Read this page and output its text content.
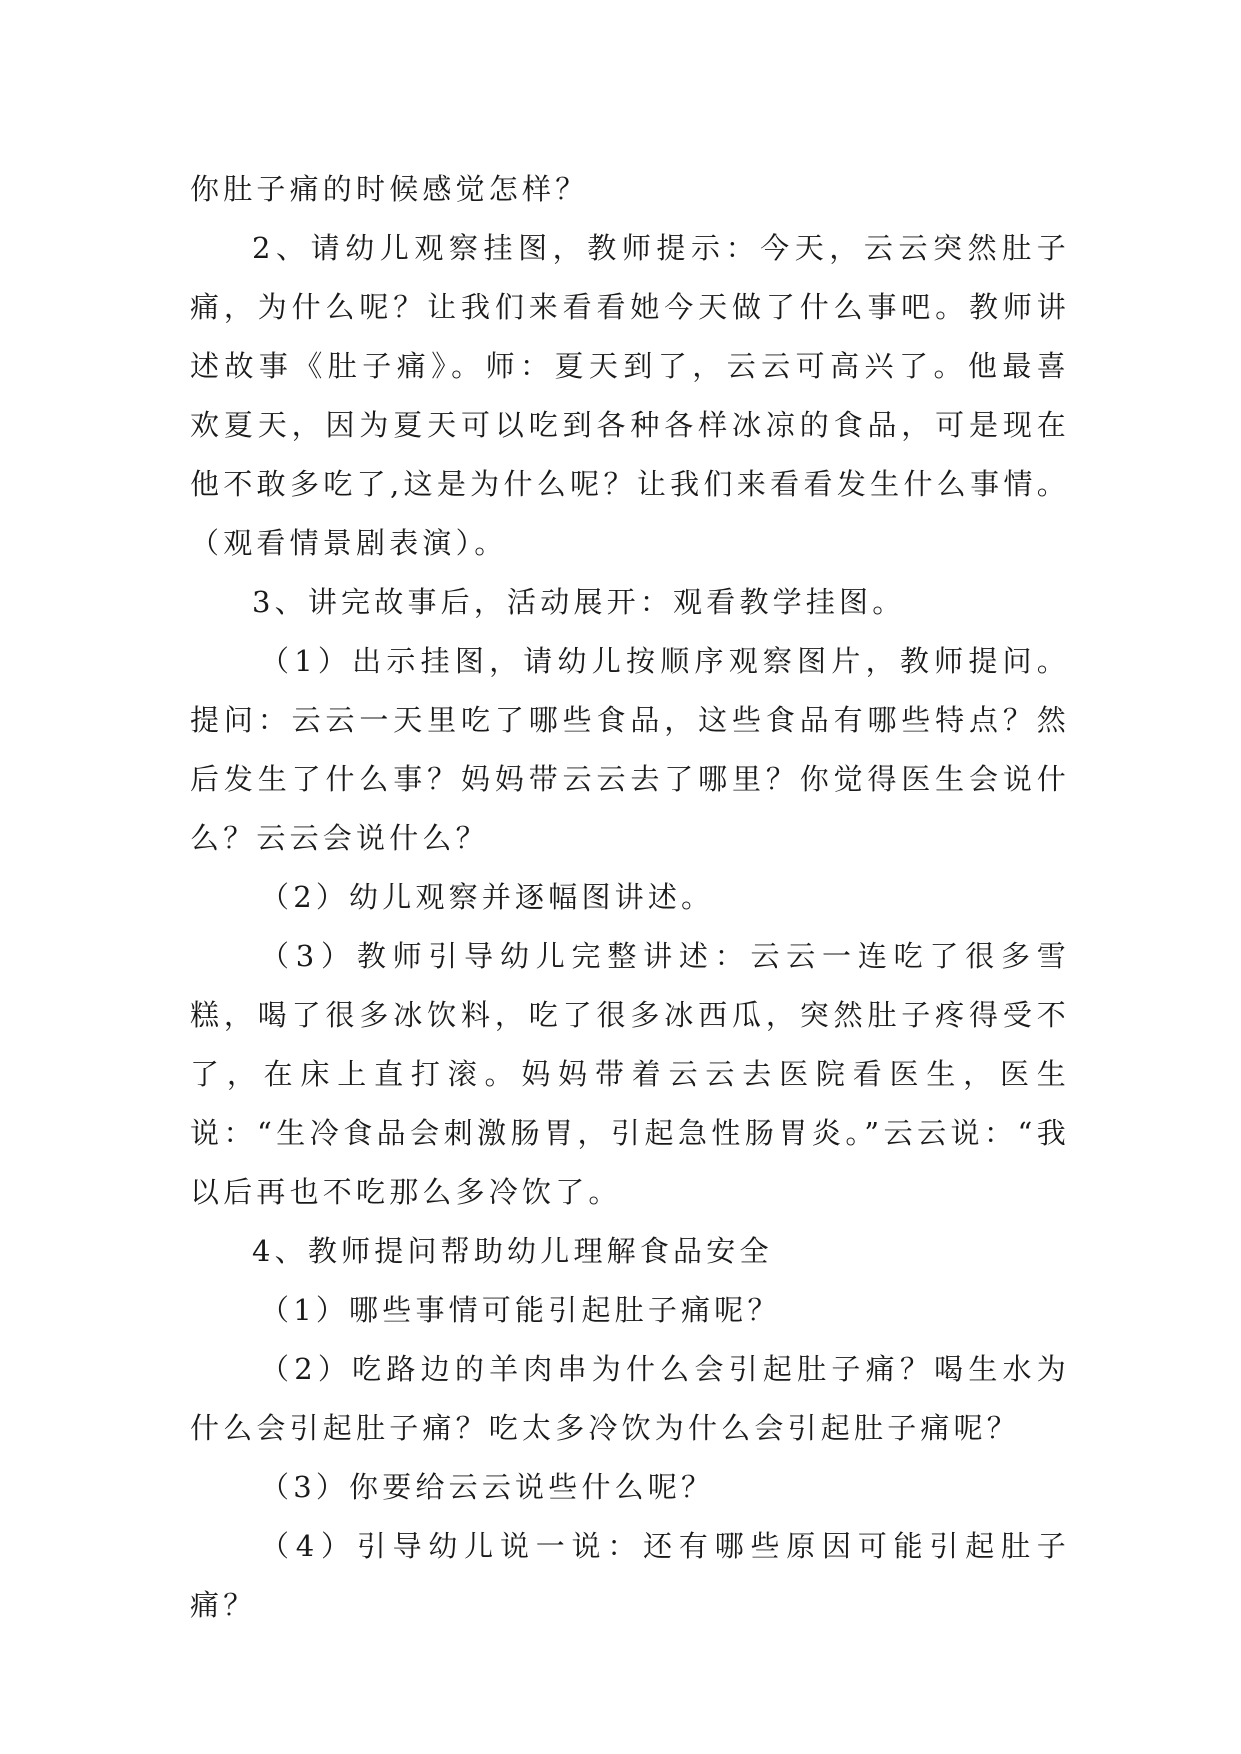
你肚子痛的时候感觉怎样？

2、请幼儿观察挂图，教师提示：今天，云云突然肚子痛，为什么呢？让我们来看看她今天做了什么事吧。教师讲述故事《肚子痛》。师：夏天到了，云云可高兴了。他最喜欢夏天，因为夏天可以吃到各种各样冰凉的食品，可是现在他不敢多吃了,这是为什么呢？让我们来看看发生什么事情。（观看情景剧表演）。

3、讲完故事后，活动展开：观看教学挂图。

（1）出示挂图，请幼儿按顺序观察图片，教师提问。提问：云云一天里吃了哪些食品，这些食品有哪些特点？然后发生了什么事？妈妈带云云去了哪里？你觉得医生会说什么？云云会说什么？

（2）幼儿观察并逐幅图讲述。

（3）教师引导幼儿完整讲述：云云一连吃了很多雪糕，喝了很多冰饮料，吃了很多冰西瓜，突然肚子疼得受不了，在床上直打滚。妈妈带着云云去医院看医生，医生说：“生冷食品会刺激肠胃，引起急性肠胃炎。”云云说：“我以后再也不吃那么多冷饮了。

4、教师提问帮助幼儿理解食品安全

（1）哪些事情可能引起肚子痛呢？

（2）吃路边的羊肉串为什么会引起肚子痛？喝生水为什么会引起肚子痛？吃太多冷饮为什么会引起肚子痛呢？

（3）你要给云云说些什么呢？

（4）引导幼儿说一说：还有哪些原因可能引起肚子痛？
